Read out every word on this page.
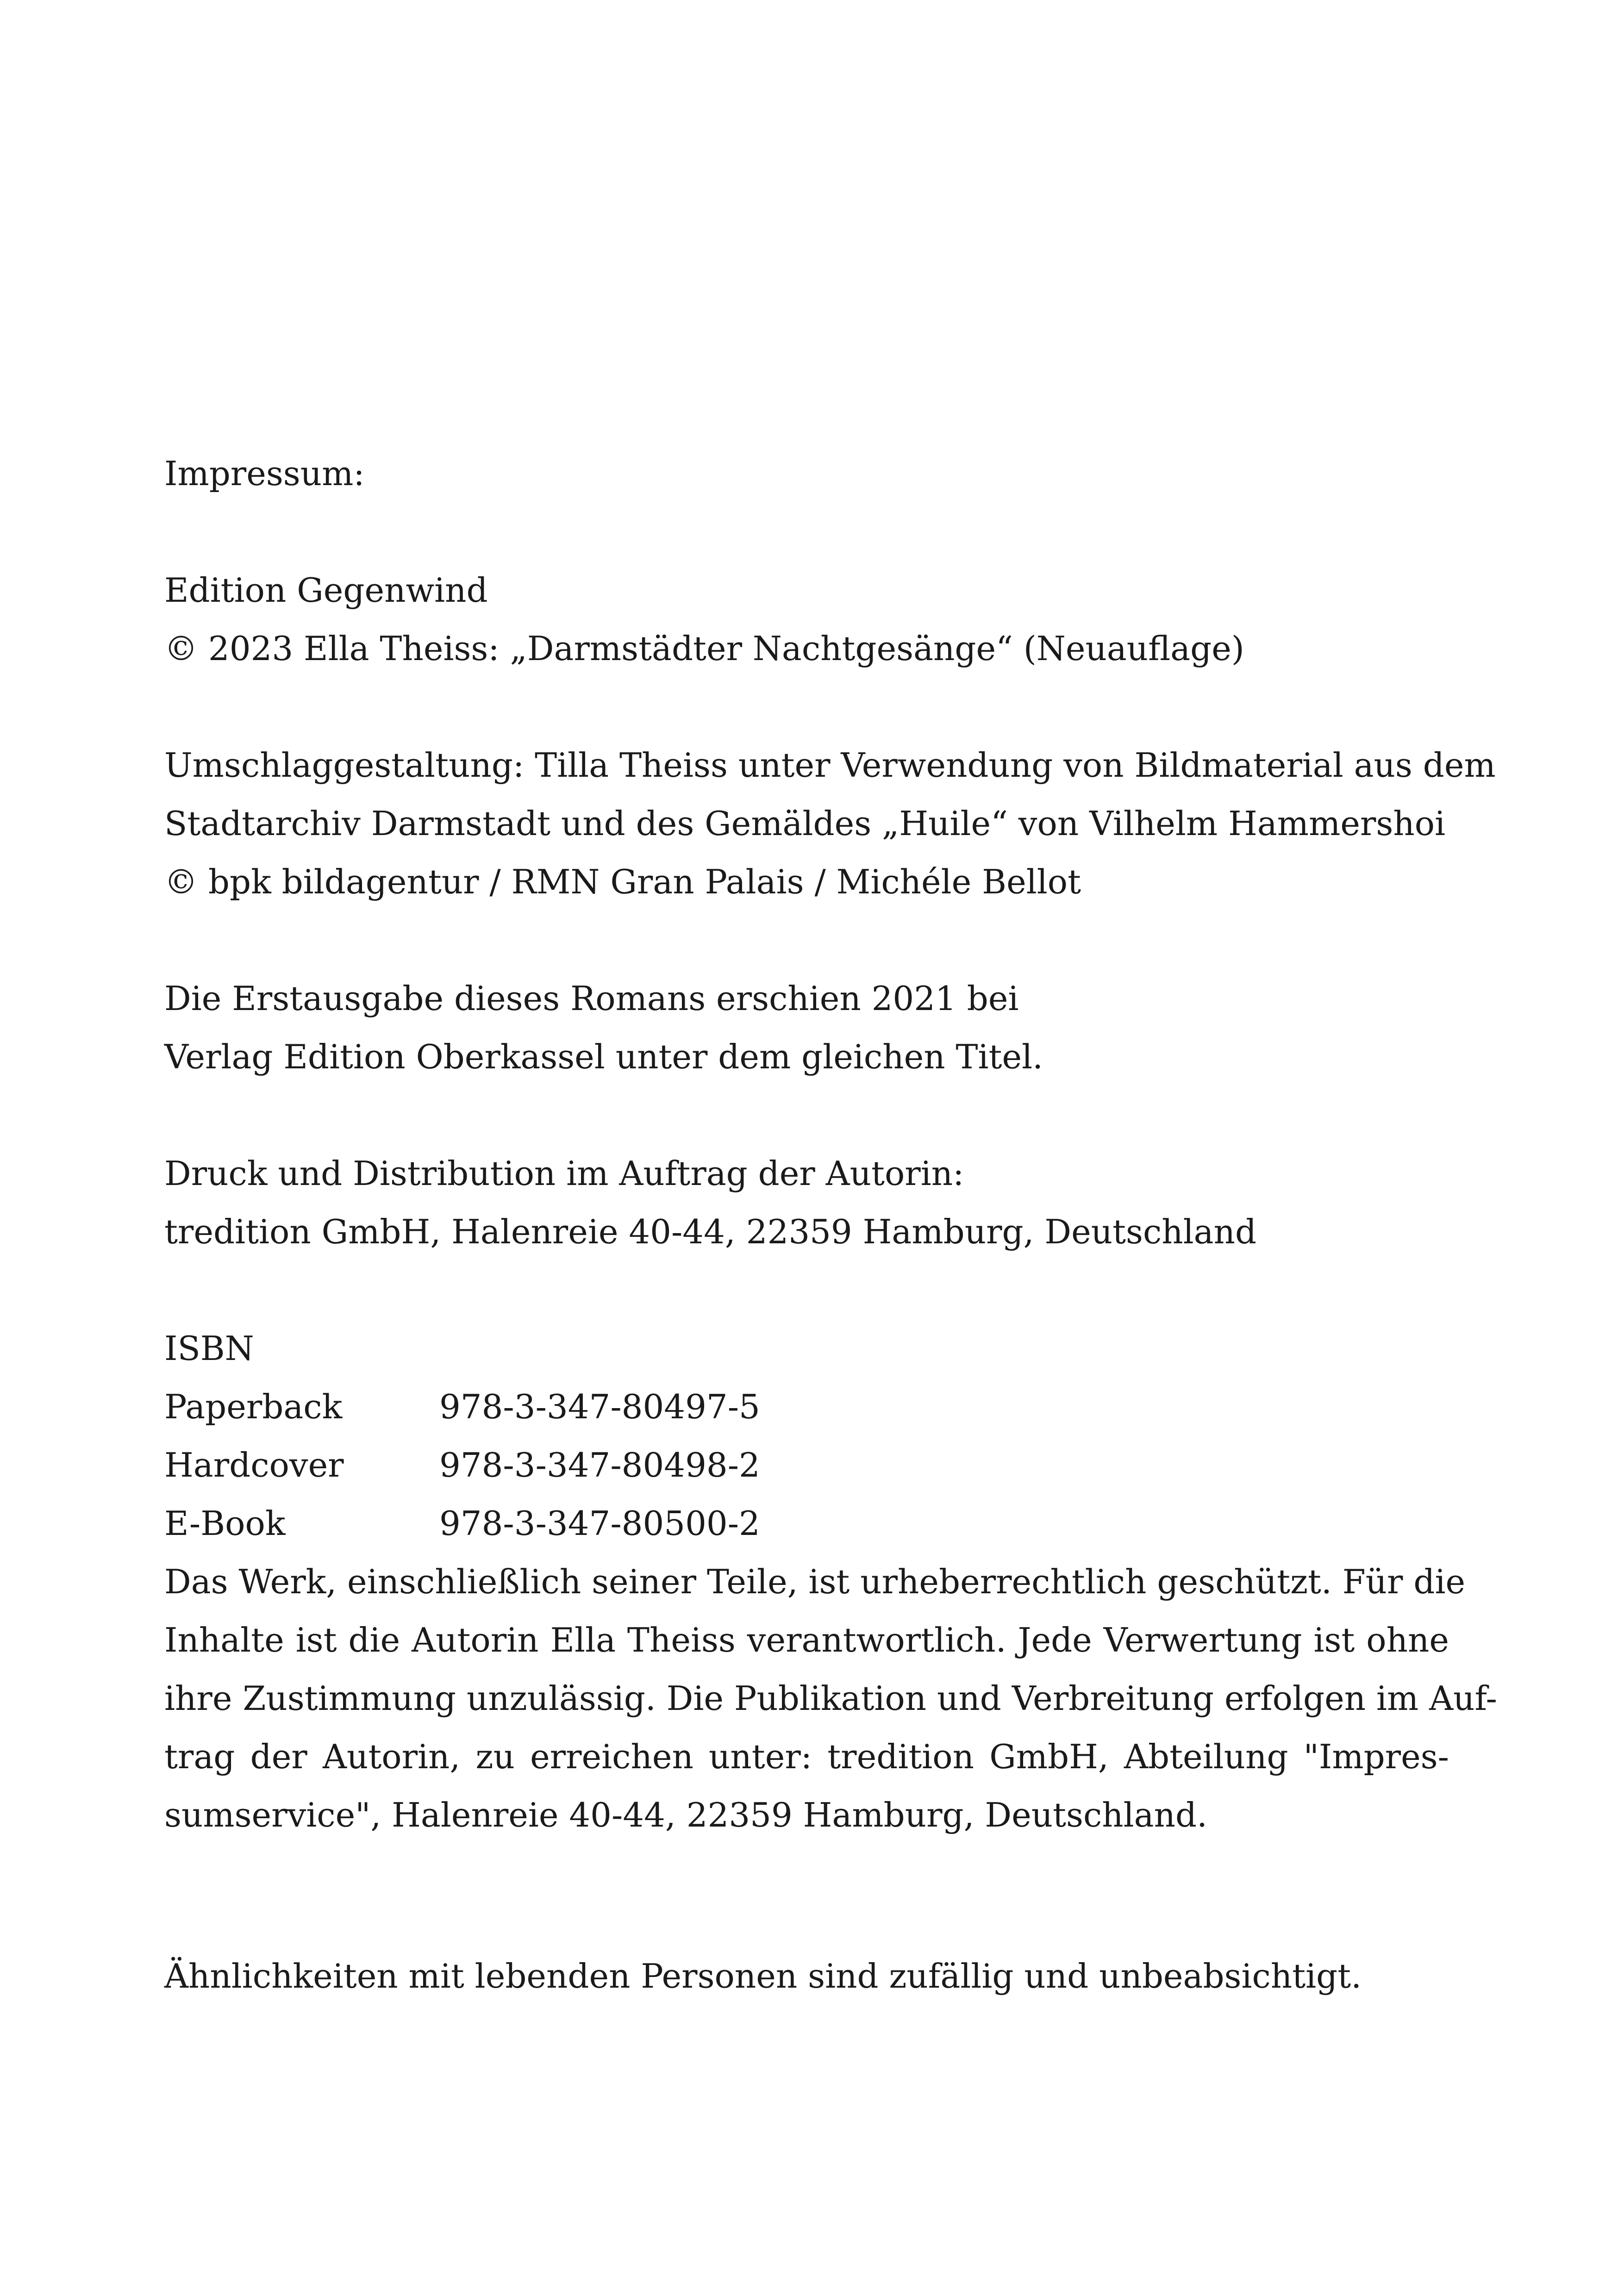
Impressum:
Edition Gegenwind
© 2023 Ella Theiss: „Darmstädter Nachtgesänge“ (Neuauflage)
Umschlaggestaltung: Tilla Theiss unter Verwendung von Bildmaterial aus dem
Stadtarchiv Darmstadt und des Gemäldes „Huile“ von Vilhelm Hammershoi
© bpk bildagentur / RMN Gran Palais / Michéle Bellot
Die Erstausgabe dieses Romans erschien 2021 bei
Verlag Edition Oberkassel unter dem gleichen Titel.
Druck und Distribution im Auftrag der Autorin:
tredition GmbH, Halenreie 40-44, 22359 Hamburg, Deutschland
ISBN
Paperback	978-3-347-80497-5
Hardcover	978-3-347-80498-2
E-Book	978-3-347-80500-2
Das Werk, einschließlich seiner Teile, ist urheberrechtlich geschützt. Für die
Inhalte ist die Autorin Ella Theiss verantwortlich. Jede Verwertung ist ohne
ihre Zustimmung unzulässig. Die Publikation und Verbreitung erfolgen im Auf-
trag der Autorin, zu erreichen unter: tredition GmbH, Abteilung "Impres-
sumservice", Halenreie 40-44, 22359 Hamburg, Deutschland.
Ähnlichkeiten mit lebenden Personen sind zufällig und unbeabsichtigt.
